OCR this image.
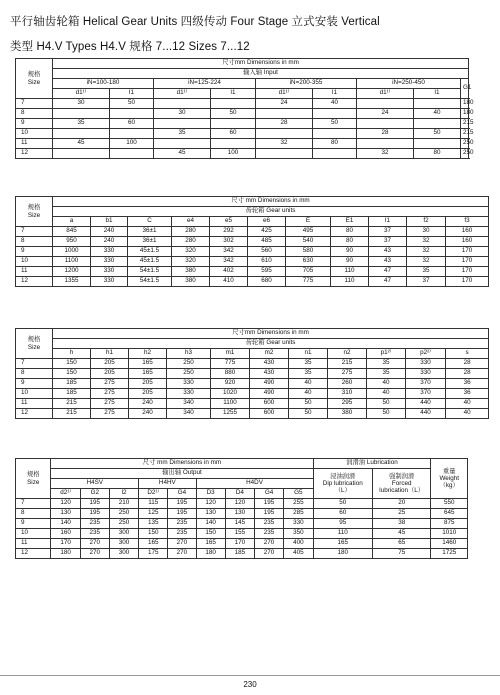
平行轴齿轮箱 Helical Gear Units 四级传动 Four Stage 立式安装 Vertical
类型 H4.V Types H4.V 规格 7...12 Sizes 7...12
规格
Size	尺寸mm Dimensions in mm								
	输入轴 Input								
	iN=100-180		iN=125-224		iN=200-355		iN=250-450		G1
	d1¹⁾	l1	d1¹⁾	l1	d1¹⁾	l1	d1¹⁾	l1	
7	30	50			24	40			180
8			30	50			24	40	180
9	35	60			28	50			215
10			35	60			28	50	215
11	45	100			32	80			250
12			45	100			32	80	250
规格
Size	尺寸 mm Dimensions in mm										
	齿轮箱 Gear units										
	a	b1	C	e4	e5	e6	E	E1	l1	f2	f3
7	845	240	36±1	280	292	425	495	80	37	30	160
8	950	240	36±1	280	302	485	540	80	37	32	160
9	1000	330	45±1.5	320	342	560	580	90	43	32	170
10	1100	330	45±1.5	320	342	610	630	90	43	32	170
11	1200	330	54±1.5	380	402	595	705	110	47	35	170
12	1355	330	54±1.5	380	410	680	775	110	47	37	170
规格
Size	尺寸mm Dimensions in mm										
	齿轮箱 Gear units										
	h	h1	h2	h3	m1	m2	n1	n2	p1²⁾	p2²⁾	s
7	150	205	165	250	775	430	35	215	35	330	28
8	150	205	165	250	880	430	35	275	35	330	28
9	185	275	205	330	920	490	40	260	40	370	36
10	185	275	205	330	1020	490	40	310	40	370	36
11	215	275	240	340	1100	600	50	295	50	440	40
12	215	275	240	340	1255	600	50	380	50	440	40
规格
Size	尺寸 mm Dimensions in mm									润滑油 Lubrication		重量
Weight
（kg）
	输出轴 Output									浸油润滑
Dip lubrication
（L）	强制润滑
Forced
lubrication（L）	
	H4SV			H4HV		H4DV						
	d2¹⁾	G2	l2	D2¹⁾	G4	D3	D4	G4	G5			
7	120	195	210	115	195	120	120	195	255	50	20	550
8	130	195	250	125	195	130	130	195	285	60	25	645
9	140	235	250	135	235	140	145	235	330	95	38	875
10	160	235	300	150	235	150	155	235	350	110	45	1010
11	170	270	300	165	270	165	170	270	400	165	65	1460
12	180	270	300	175	270	180	185	270	405	180	75	1725
230
